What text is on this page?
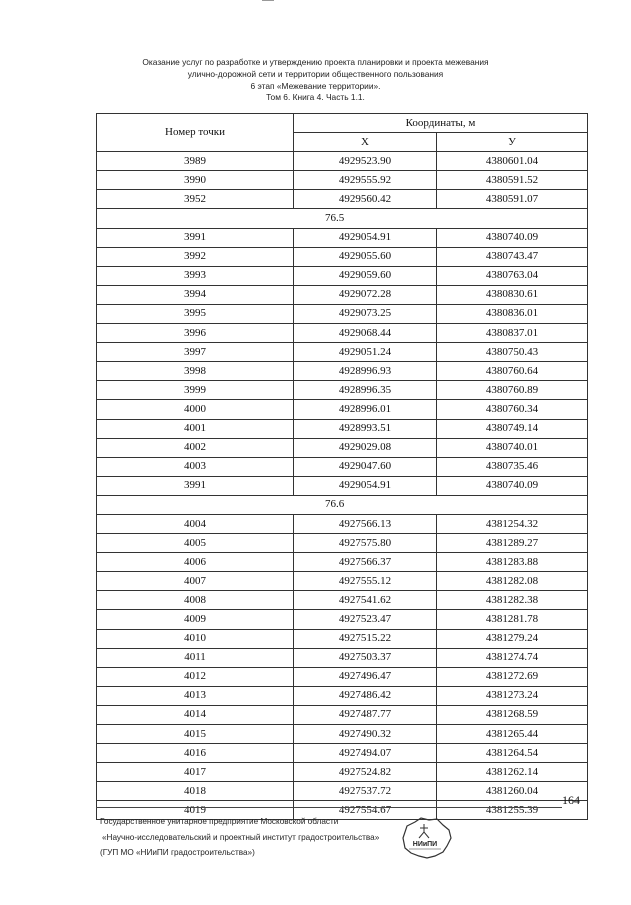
Оказание услуг по разработке и утверждению проекта планировки и проекта межевания
улично-дорожной сети и территории общественного пользования
6 этап «Межевание территории».
Том 6. Книга 4. Часть 1.1.
Номер точки	Координаты, м	
	X	У
3989	4929523.90	4380601.04
3990	4929555.92	4380591.52
3952	4929560.42	4380591.07
76.5		
3991	4929054.91	4380740.09
3992	4929055.60	4380743.47
3993	4929059.60	4380763.04
3994	4929072.28	4380830.61
3995	4929073.25	4380836.01
3996	4929068.44	4380837.01
3997	4929051.24	4380750.43
3998	4928996.93	4380760.64
3999	4928996.35	4380760.89
4000	4928996.01	4380760.34
4001	4928993.51	4380749.14
4002	4929029.08	4380740.01
4003	4929047.60	4380735.46
3991	4929054.91	4380740.09
76.6		
4004	4927566.13	4381254.32
4005	4927575.80	4381289.27
4006	4927566.37	4381283.88
4007	4927555.12	4381282.08
4008	4927541.62	4381282.38
4009	4927523.47	4381281.78
4010	4927515.22	4381279.24
4011	4927503.37	4381274.74
4012	4927496.47	4381272.69
4013	4927486.42	4381273.24
4014	4927487.77	4381268.59
4015	4927490.32	4381265.44
4016	4927494.07	4381264.54
4017	4927524.82	4381262.14
4018	4927537.72	4381260.04
4019	4927554.67	4381255.39
164
Государственное унитарное предприятие Московской области
«Научно-исследовательский и проектный институт градостроительства»
(ГУП МО «НИиПИ градостроительства»)
НИиПИ
